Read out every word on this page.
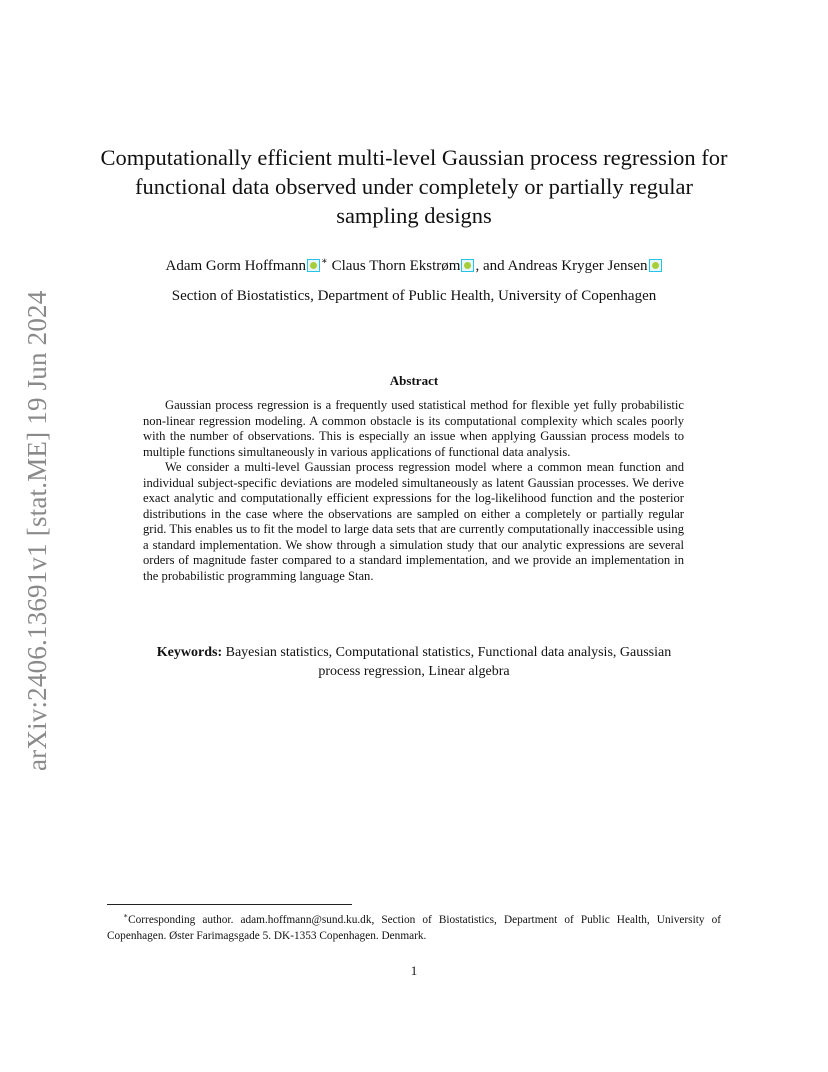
arXiv:2406.13691v1 [stat.ME] 19 Jun 2024
Computationally efficient multi-level Gaussian process regression for functional data observed under completely or partially regular sampling designs
Adam Gorm Hoffmann ∗ Claus Thorn Ekstrøm , and Andreas Kryger Jensen
Section of Biostatistics, Department of Public Health, University of Copenhagen
Abstract

Gaussian process regression is a frequently used statistical method for flexible yet fully probabilistic non-linear regression modeling. A common obstacle is its computational complexity which scales poorly with the number of observations. This is especially an issue when applying Gaussian process models to multiple functions simultaneously in various applications of functional data analysis.

We consider a multi-level Gaussian process regression model where a common mean function and individual subject-specific deviations are modeled simultaneously as latent Gaussian processes. We derive exact analytic and computationally efficient expressions for the log-likelihood function and the posterior distributions in the case where the observations are sampled on either a completely or partially regular grid. This enables us to fit the model to large data sets that are currently computationally inaccessible using a standard implementation. We show through a simulation study that our analytic expressions are several orders of magnitude faster compared to a standard implementation, and we provide an implementation in the probabilistic programming language Stan.

Keywords: Bayesian statistics, Computational statistics, Functional data analysis, Gaussian process regression, Linear algebra
∗Corresponding author. adam.hoffmann@sund.ku.dk, Section of Biostatistics, Department of Public Health, University of Copenhagen. Øster Farimagsgade 5. DK-1353 Copenhagen. Denmark.
1
